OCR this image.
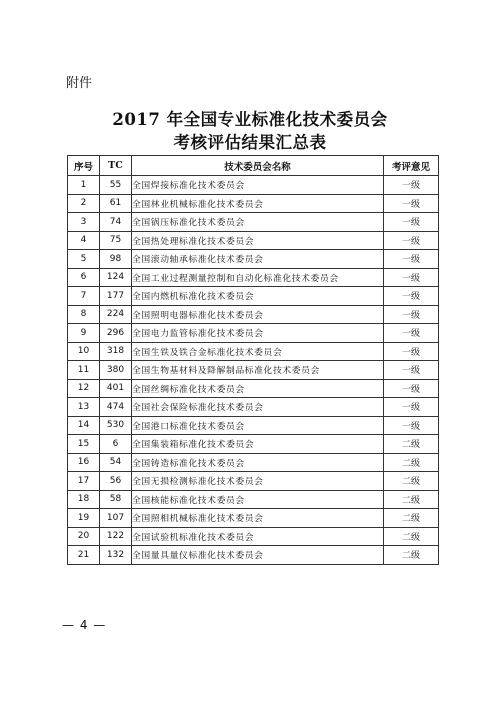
附件
2017 年全国专业标准化技术委员会
考核评估结果汇总表
序号	TC	技术委员会名称	考评意见
1	55	全国焊接标准化技术委员会	一级
2	61	全国林业机械标准化技术委员会	一级
3	74	全国锅压标准化技术委员会	一级
4	75	全国热处理标准化技术委员会	一级
5	98	全国滚动轴承标准化技术委员会	一级
6	124	全国工业过程测量控制和自动化标准化技术委员会	一级
7	177	全国内燃机标准化技术委员会	一级
8	224	全国照明电器标准化技术委员会	一级
9	296	全国电力监管标准化技术委员会	一级
10	318	全国生铁及铁合金标准化技术委员会	一级
11	380	全国生物基材料及降解制品标准化技术委员会	一级
12	401	全国丝绸标准化技术委员会	一级
13	474	全国社会保险标准化技术委员会	一级
14	530	全国港口标准化技术委员会	一级
15	6	全国集装箱标准化技术委员会	二级
16	54	全国铸造标准化技术委员会	二级
17	56	全国无损检测标准化技术委员会	二级
18	58	全国核能标准化技术委员会	二级
19	107	全国照相机械标准化技术委员会	二级
20	122	全国试验机标准化技术委员会	二级
21	132	全国量具量仪标准化技术委员会	二级
— 4 —
